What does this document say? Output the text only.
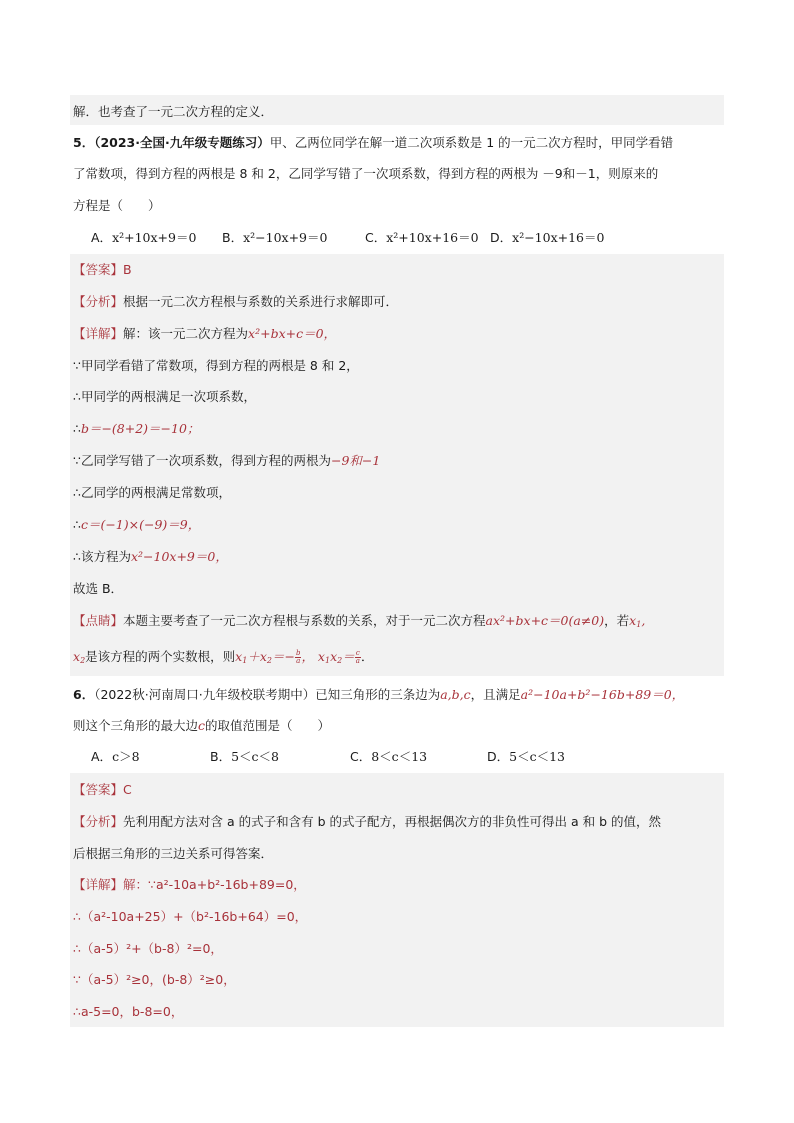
解．也考查了一元二次方程的定义．
5．（2023·全国·九年级专题练习）甲、乙两位同学在解一道二次项系数是 1 的一元二次方程时，甲同学看错
了常数项，得到方程的两根是 8 和 2，乙同学写错了一次项系数，得到方程的两根为 －9和－1，则原来的
方程是（　　）
A．x²+10x+9＝0 B．x²−10x+9＝0	C．x²+10x+16＝0 D．x²−10x+16＝0
【答案】B
【分析】根据一元二次方程根与系数的关系进行求解即可．
【详解】解：该一元二次方程为x²+bx+c＝0，
∵甲同学看错了常数项，得到方程的两根是 8 和 2，
∴甲同学的两根满足一次项系数，
∴b＝−(8+2)＝−10；
∵乙同学写错了一次项系数，得到方程的两根为−9和−1
∴乙同学的两根满足常数项，
∴c＝(−1)×(−9)＝9，
∴该方程为x²−10x+9＝0，
故选 B．
【点睛】本题主要考查了一元二次方程根与系数的关系，对于一元二次方程ax²+bx+c＝0(a≠0)，若$x_1$,
$x_2$是该方程的两个实数根，则$x_1+x_2=- \frac{b}{a}$ ， $x_1x_2= \frac{c}{a}$ ．
6．（2022秋·河南周口·九年级校联考期中）已知三角形的三条边为a,b,c，且满足a²−10a+b²−16b+89＝0，
则这个三角形的最大边c的取值范围是（　　）
A．c＞8	B．5＜c＜8	C．8＜c＜13	D．5＜c＜13
【答案】C
【分析】先利用配方法对含 a 的式子和含有 b 的式子配方，再根据偶次方的非负性可得出 a 和 b 的值，然
后根据三角形的三边关系可得答案．
【详解】解：∵a²-10a+b²-16b+89=0，
∴（a²-10a+25）+（b²-16b+64）=0，
∴（a-5）²+（b-8）²=0，
∵（a-5）²≥0，(b-8）²≥0，
∴a-5=0，b-8=0，
